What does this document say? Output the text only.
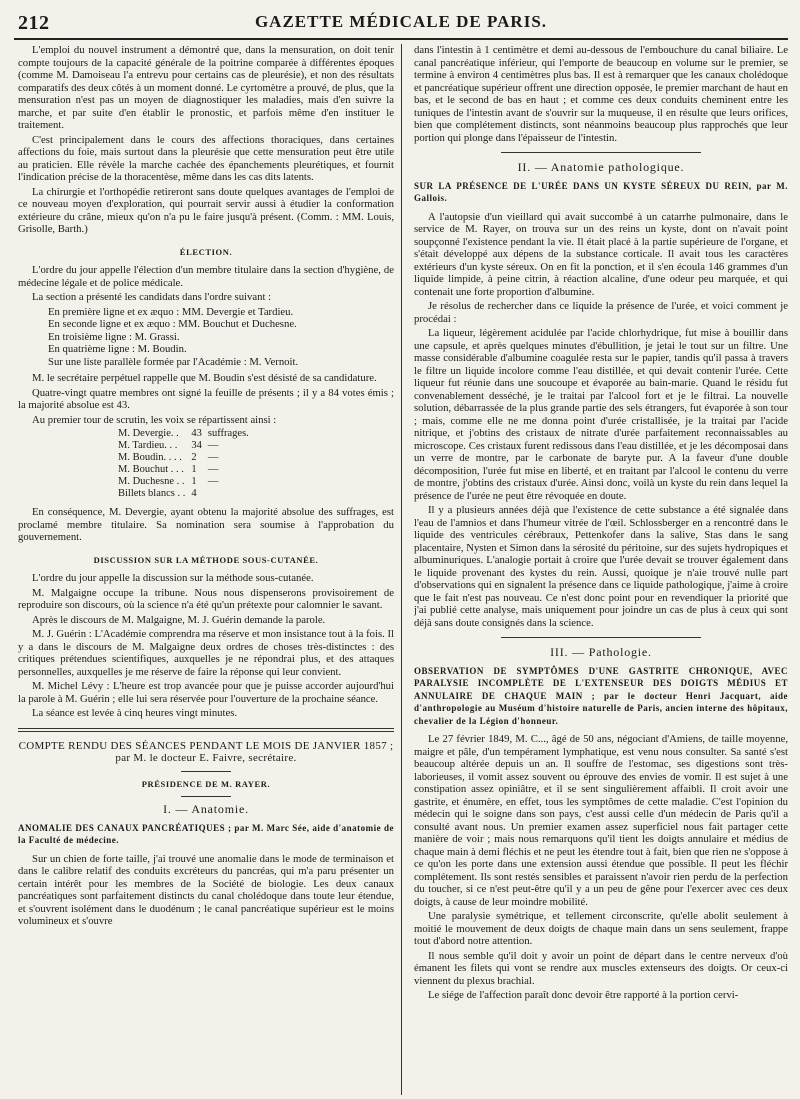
212	GAZETTE MÉDICALE DE PARIS.

L'emploi du nouvel instrument a démontré que, dans la mensuration, on doit tenir compte toujours de la capacité générale de la poitrine comparée à différentes époques (comme M. Damoiseau l'a entrevu pour certains cas de pleurésie), et non des résultats comparatifs des deux côtés à un moment donné. Le cyrtomètre a prouvé, de plus, que la mensuration n'est pas un moyen de diagnostiquer les maladies, mais d'en suivre la marche, et par suite d'en établir le pronostic, et parfois même d'en instituer le traitement.

C'est principalement dans le cours des affections thoraciques, dans certaines affections du foie, mais surtout dans la pleurésie que cette mensuration peut être utile au praticien. Elle révèle la marche cachée des épanchements pleurétiques, et fournit l'indication précise de la thoracentèse, même dans les cas dits latents.

La chirurgie et l'orthopédie retireront sans doute quelques avantages de l'emploi de ce nouveau moyen d'exploration, qui pourrait servir aussi à étudier la conformation extérieure du crâne, mieux qu'on n'a pu le faire jusqu'à présent. (Comm. : MM. Louis, Grisolle, Barth.)

ÉLECTION.

L'ordre du jour appelle l'élection d'un membre titulaire dans la section d'hygiène, de médecine légale et de police médicale.

La section a présenté les candidats dans l'ordre suivant :

En première ligne et ex æquo : MM. Devergie et Tardieu.
En seconde ligne et ex æquo : MM. Bouchut et Duchesne.
En troisième ligne : M. Grassi.
En quatrième ligne : M. Boudin.
Sur une liste parallèle formée par l'Académie : M. Vernoit.

M. le secrétaire perpétuel rappelle que M. Boudin s'est désisté de sa candidature.

Quatre-vingt quatre membres ont signé la feuille de présents ; il y a 84 votes émis ; la majorité absolue est 43.

Au premier tour de scrutin, les voix se répartissent ainsi :

M. Devergie. .	43	suffrages.
M. Tardieu. . .	34	—
M. Boudin. . . .	2	—
M. Bouchut . . .	1	—
M. Duchesne . .	1	—
Billets blancs . .	4	

En conséquence, M. Devergie, ayant obtenu la majorité absolue des suffrages, est proclamé membre titulaire. Sa nomination sera soumise à l'approbation du gouvernement.

DISCUSSION SUR LA MÉTHODE SOUS-CUTANÉE.

L'ordre du jour appelle la discussion sur la méthode sous-cutanée.

M. Malgaigne occupe la tribune. Nous nous dispenserons provisoirement de reproduire son discours, où la science n'a été qu'un prétexte pour calomnier le savant.

Après le discours de M. Malgaigne, M. J. Guérin demande la parole.

M. J. Guérin : L'Académie comprendra ma réserve et mon insistance tout à la fois. Il y a dans le discours de M. Malgaigne deux ordres de choses très-distinctes : des critiques prétendues scientifiques, auxquelles je ne répondrai plus, et des attaques personnelles, auxquelles je me réserve de faire la réponse qui leur convient.

M. Michel Lévy : L'heure est trop avancée pour que je puisse accorder aujourd'hui la parole à M. Guérin ; elle lui sera réservée pour l'ouverture de la prochaine séance.

La séance est levée à cinq heures vingt minutes.

COMPTE RENDU DES SÉANCES PENDANT LE MOIS DE JANVIER 1857 ; par M. le docteur E. Faivre, secrétaire.

PRÉSIDENCE DE M. RAYER.

I. — Anatomie.

ANOMALIE DES CANAUX PANCRÉATIQUES ; par M. Marc Sée, aide d'anatomie de la Faculté de médecine.

Sur un chien de forte taille, j'ai trouvé une anomalie dans le mode de terminaison et dans le calibre relatif des conduits excréteurs du pancréas, qui m'a paru présenter un certain intérêt pour les membres de la Société de biologie. Les deux canaux pancréatiques sont parfaitement distincts du canal cholédoque dans toute leur étendue, et s'ouvrent isolément dans le duodénum ; le canal pancréatique supérieur est le moins volumineux et s'ouvre

dans l'intestin à 1 centimètre et demi au-dessous de l'embouchure du canal biliaire. Le canal pancréatique inférieur, qui l'emporte de beaucoup en volume sur le premier, se termine à environ 4 centimètres plus bas. Il est à remarquer que les canaux cholédoque et pancréatique supérieur offrent une direction opposée, le premier marchant de haut en bas, et le second de bas en haut ; et comme ces deux conduits cheminent entre les tuniques de l'intestin avant de s'ouvrir sur la muqueuse, il en résulte que leurs orifices, bien que complétement distincts, sont néanmoins beaucoup plus rapprochés que leur portion qui plonge dans l'épaisseur de l'intestin.

II. — Anatomie pathologique.

SUR LA PRÉSENCE DE L'URÉE DANS UN KYSTE SÉREUX DU REIN, par M. Gallois.

A l'autopsie d'un vieillard qui avait succombé à un catarrhe pulmonaire, dans le service de M. Rayer, on trouva sur un des reins un kyste, dont on n'avait point soupçonné l'existence pendant la vie. Il était placé à la partie supérieure de l'organe, et s'était développé aux dépens de la substance corticale. Il avait tous les caractères extérieurs d'un kyste séreux. On en fit la ponction, et il s'en écoula 146 grammes d'un liquide limpide, à peine citrin, à réaction alcaline, d'une odeur peu marquée, et qui contenait une forte proportion d'albumine.

Je résolus de rechercher dans ce liquide la présence de l'urée, et voici comment je procédai :

La liqueur, légèrement acidulée par l'acide chlorhydrique, fut mise à bouillir dans une capsule, et après quelques minutes d'ébullition, je jetai le tout sur un filtre. Une masse considérable d'albumine coagulée resta sur le papier, tandis qu'il passa à travers le filtre un liquide incolore comme l'eau distillée, et qui devait contenir l'urée. Cette liqueur fut réunie dans une soucoupe et évaporée au bain-marie. Quand le résidu fut convenablement desséché, je le traitai par l'alcool fort et je le filtrai. La nouvelle solution, débarrassée de la plus grande partie des sels étrangers, fut évaporée à son tour ; mais, comme elle ne me donna point d'urée cristallisée, je la traitai par l'acide nitrique, et j'obtins des cristaux de nitrate d'urée parfaitement reconnaissables au microscope. Ces cristaux furent redissous dans l'eau distillée, et je les décomposai dans un verre de montre, par le carbonate de baryte pur. A la faveur d'une double décomposition, l'urée fut mise en liberté, et en traitant par l'alcool le contenu du verre de montre, j'obtins des cristaux d'urée. Ainsi donc, voilà un kyste du rein dans lequel la présence de l'urée ne peut être révoquée en doute.

Il y a plusieurs années déjà que l'existence de cette substance a été signalée dans l'eau de l'amnios et dans l'humeur vitrée de l'œil. Schlossberger en a rencontré dans le liquide des ventricules cérébraux, Pettenkofer dans la salive, Stas dans le sang placentaire, Nysten et Simon dans la sérosité du péritoine, sur des sujets hydropiques et albuminuriques. L'analogie portait à croire que l'urée devait se trouver également dans le liquide provenant des kystes du rein. Aussi, quoique je n'aie trouvé nulle part d'observations qui en signalent la présence dans ce liquide pathologique, j'aime à croire que le fait n'est pas nouveau. Ce n'est donc point pour en revendiquer la priorité que j'ai publié cette analyse, mais uniquement pour joindre un cas de plus à ceux qui sont déjà sans doute consignés dans la science.

III. — Pathologie.

OBSERVATION DE SYMPTÔMES D'UNE GASTRITE CHRONIQUE, AVEC PARALYSIE INCOMPLÈTE DE L'EXTENSEUR DES DOIGTS MÉDIUS ET ANNULAIRE DE CHAQUE MAIN ; par le docteur Henri Jacquart, aide d'anthropologie au Muséum d'histoire naturelle de Paris, ancien interne des hôpitaux, chevalier de la Légion d'honneur.

Le 27 février 1849, M. C..., âgé de 50 ans, négociant d'Amiens, de taille moyenne, maigre et pâle, d'un tempérament lymphatique, est venu nous consulter. Sa santé s'est beaucoup altérée depuis un an. Il souffre de l'estomac, ses digestions sont très-laborieuses, il vomit assez souvent ou éprouve des envies de vomir. Il est sujet à une constipation assez opiniâtre, et il se sent singulièrement affaibli. Il croit avoir une gastrite, et énumère, en effet, tous les symptômes de cette maladie. C'est l'opinion du médecin qui le soigne dans son pays, c'est aussi celle d'un médecin de Paris qu'il a consulté avant nous. Un premier examen assez superficiel nous fait partager cette manière de voir ; mais nous remarquons qu'il tient les doigts annulaire et médius de chaque main à demi fléchis et ne peut les étendre tout à fait, bien que rien ne s'oppose à ce qu'on les porte dans une extension aussi étendue que possible. Il peut les fléchir complétement. Ils sont restés sensibles et paraissent n'avoir rien perdu de la perfection du toucher, si ce n'est peut-être qu'il y a un peu de gêne pour l'exercer avec ces deux doigts, à cause de leur moindre mobilité.

Une paralysie symétrique, et tellement circonscrite, qu'elle abolit seulement à moitié le mouvement de deux doigts de chaque main dans un sens seulement, frappe tout d'abord notre attention.

Il nous semble qu'il doit y avoir un point de départ dans le centre nerveux d'où émanent les filets qui vont se rendre aux muscles extenseurs des doigts. Or ceux-ci viennent du plexus brachial.

Le siége de l'affection paraît donc devoir être rapporté à la portion cervi-
